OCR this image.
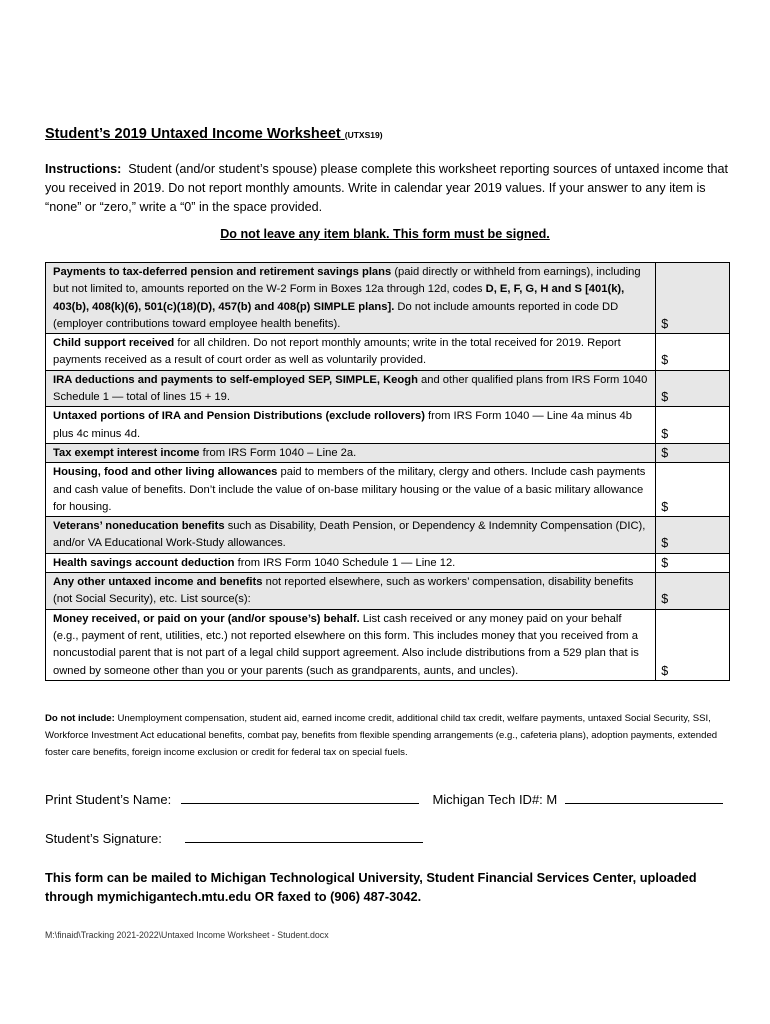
Student’s 2019 Untaxed Income Worksheet (UTXS19)
Instructions: Student (and/or student’s spouse) please complete this worksheet reporting sources of untaxed income that you received in 2019. Do not report monthly amounts. Write in calendar year 2019 values. If your answer to any item is “none” or “zero,” write a “0” in the space provided.
Do not leave any item blank. This form must be signed.
Payments to tax-deferred pension and retirement savings plans (paid directly or withheld from earnings), including but not limited to, amounts reported on the W-2 Form in Boxes 12a through 12d, codes D, E, F, G, H and S [401(k), 403(b), 408(k)(6), 501(c)(18)(D), 457(b) and 408(p) SIMPLE plans]. Do not include amounts reported in code DD (employer contributions toward employee health benefits).	$
Child support received for all children. Do not report monthly amounts; write in the total received for 2019. Report payments received as a result of court order as well as voluntarily provided.	$
IRA deductions and payments to self-employed SEP, SIMPLE, Keogh and other qualified plans from IRS Form 1040 Schedule 1 — total of lines 15 + 19.	$
Untaxed portions of IRA and Pension Distributions (exclude rollovers) from IRS Form 1040 — Line 4a minus 4b plus 4c minus 4d.	$
Tax exempt interest income from IRS Form 1040 – Line 2a.	$
Housing, food and other living allowances paid to members of the military, clergy and others. Include cash payments and cash value of benefits. Don’t include the value of on-base military housing or the value of a basic military allowance for housing.	$
Veterans’ noneducation benefits such as Disability, Death Pension, or Dependency & Indemnity Compensation (DIC), and/or VA Educational Work-Study allowances.	$
Health savings account deduction from IRS Form 1040 Schedule 1 — Line 12.	$
Any other untaxed income and benefits not reported elsewhere, such as workers’ compensation, disability benefits (not Social Security), etc. List source(s):	$
Money received, or paid on your (and/or spouse’s) behalf. List cash received or any money paid on your behalf (e.g., payment of rent, utilities, etc.) not reported elsewhere on this form. This includes money that you received from a noncustodial parent that is not part of a legal child support agreement. Also include distributions from a 529 plan that is owned by someone other than you or your parents (such as grandparents, aunts, and uncles).	$
Do not include: Unemployment compensation, student aid, earned income credit, additional child tax credit, welfare payments, untaxed Social Security, SSI, Workforce Investment Act educational benefits, combat pay, benefits from flexible spending arrangements (e.g., cafeteria plans), adoption payments, extended foster care benefits, foreign income exclusion or credit for federal tax on special fuels.
Print Student’s Name:	Michigan Tech ID#: M
Student’s Signature:
This form can be mailed to Michigan Technological University, Student Financial Services Center, uploaded through mymichigantech.mtu.edu OR faxed to (906) 487-3042.
M:\finaid\Tracking 2021-2022\Untaxed Income Worksheet - Student.docx
